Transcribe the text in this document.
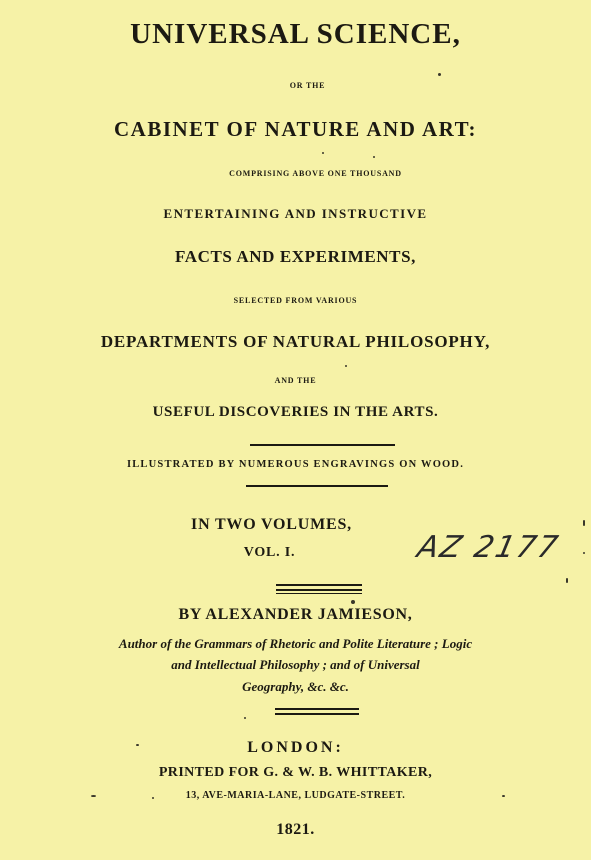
UNIVERSAL SCIENCE,
OR THE
CABINET OF NATURE AND ART:
COMPRISING ABOVE ONE THOUSAND
ENTERTAINING AND INSTRUCTIVE
FACTS AND EXPERIMENTS,
SELECTED FROM VARIOUS
DEPARTMENTS OF NATURAL PHILOSOPHY,
AND THE
USEFUL DISCOVERIES IN THE ARTS.
ILLUSTRATED BY NUMEROUS ENGRAVINGS ON WOOD.
IN TWO VOLUMES,
VOL. I.	AZ 2177
BY ALEXANDER JAMIESON,
Author of the Grammars of Rhetoric and Polite Literature ; Logic
and Intellectual Philosophy ; and of Universal
Geography, &c. &c.
LONDON:
PRINTED FOR G. & W. B. WHITTAKER,
13, AVE-MARIA-LANE, LUDGATE-STREET.
1821.
